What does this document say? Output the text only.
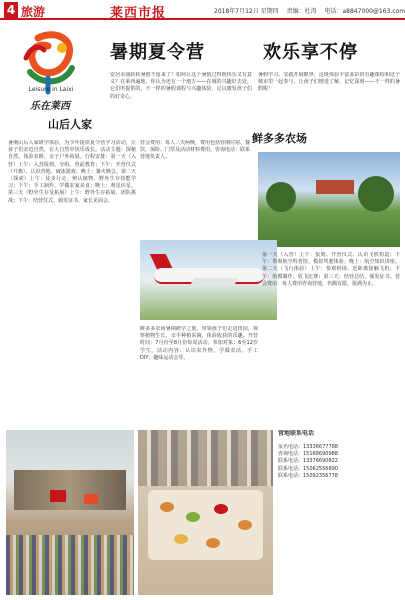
4 旅游	莱西市报	2018年7月12日 星期四 责编：杜涛 电话：a8847000@163.com
Leisure in Laixi
乐在莱西
暑期夏令营	欢乐享不停
安居美丽转转暑假不留来了！如何让这个暑假过得既快乐又有意义？在莱西遍地，你认为还有一个地方——在城的兴趣好去处，它们所提供的，不一样的暑假课程与兴趣体验，足以激发孩子们的好奇心。
暑假学习、实践开阔眼界，这既体验丰富多彩的有趣课程和这个城市里一起参与，让孩子们增进了解，记忆深刻——不一样的暑假呢！
山后人家
暑期山后人家研学体验，为少年提供夏令营学习活动，让孩子们亲近自然，在大自然中快乐成长。活动主题：探秘自然、体验农耕、亲子户外拓展。行程安排：第一天（入营）上午：入营报到、分组、营前教育；下午：开营仪式（升旗）、认识营地、破冰游戏；晚上：篝火晚会。第二天（探索）上午：徒步行走、辨认植物、野外生存技能学习；下午：手工制作、学做农家美食；晚上：观星识星。第三天（野外生存及拓展）上午：野外生存拓展、团队挑战；下午：结营仪式、颁发证书、家长见面会。
营会费用：每人三天两晚，费用包括营期住宿、餐饮、保险、门票及活动材料费用。咨询电话：联系营地负责人。
鲜多多农场
鲜多多农场暑期研学之旅，带领孩子们走进田园，观察植物生长，亲手种植采摘，体验收获的乐趣。开营时间：7月份至8月份每周活动。参加对象：6至12岁学生。活动内容：认识农作物、学做农活、手工DIY、趣味运动会等。
第一天（入营）上午：报到、开营仪式、认识飞机构造；下午：参观航空科普馆、模拟驾驶体验；晚上：航空知识讲座。第二天（飞行体验）上午：参观机场、近距离接触飞机；下午：航模制作、放飞比赛；第三天：结营总结、颁发证书。营会费用：每人费用咨询营地，名额有限，报满为止。
营地联系电话
报名电话：13336677788
咨询电话：15168690988
联系电话：13376690822
联系电话：15062556890
联系电话：15092356778
